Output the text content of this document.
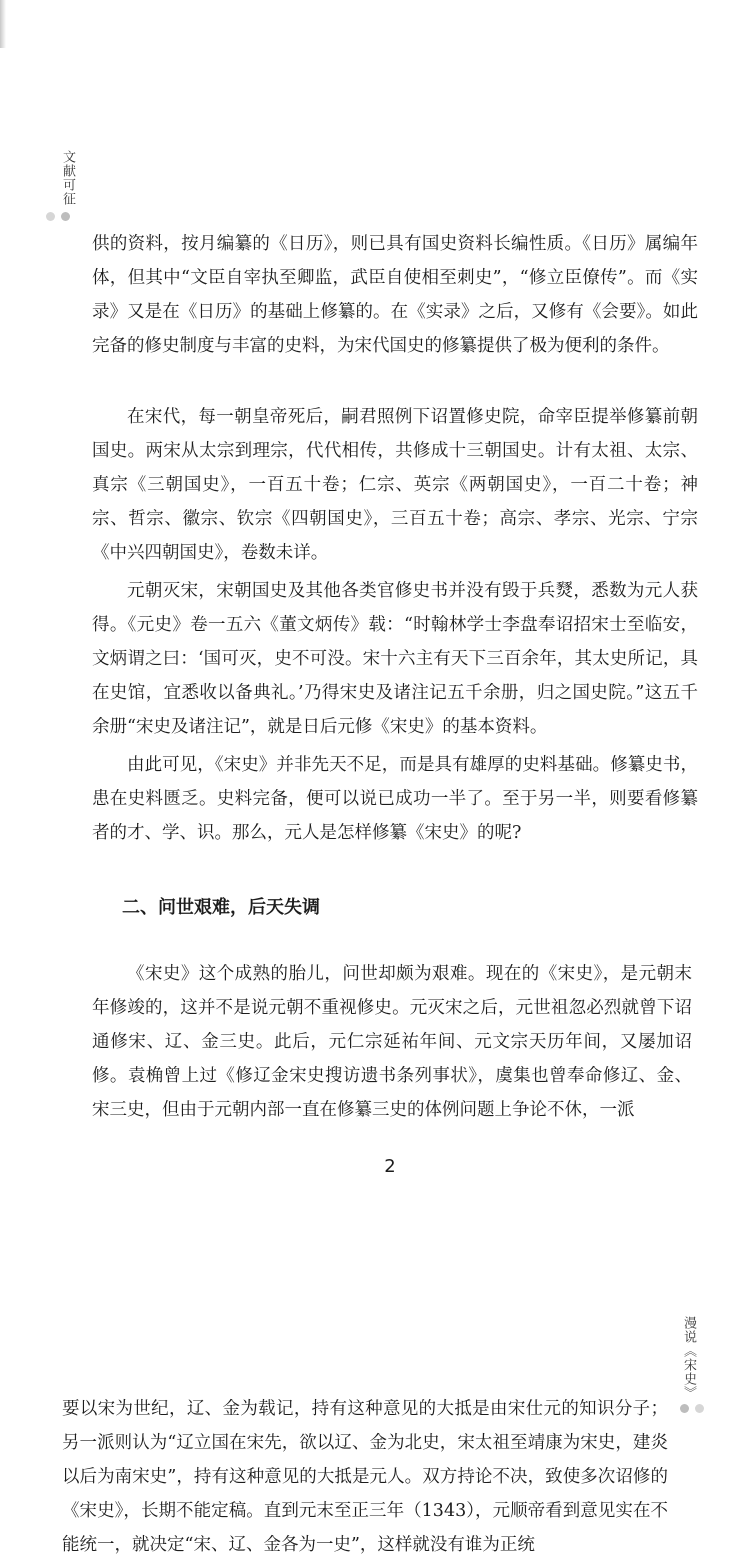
文献可征

供的资料，按月编纂的《日历》，则已具有国史资料长编性质。《日历》属编年体，但其中“文臣自宰执至卿监，武臣自使相至刺史”，“修立臣僚传”。而《实录》又是在《日历》的基础上修纂的。在《实录》之后，又修有《会要》。如此完备的修史制度与丰富的史料，为宋代国史的修纂提供了极为便利的条件。

在宋代，每一朝皇帝死后，嗣君照例下诏置修史院，命宰臣提举修纂前朝国史。两宋从太宗到理宗，代代相传，共修成十三朝国史。计有太祖、太宗、真宗《三朝国史》，一百五十卷；仁宗、英宗《两朝国史》，一百二十卷；神宗、哲宗、徽宗、钦宗《四朝国史》，三百五十卷；高宗、孝宗、光宗、宁宗《中兴四朝国史》，卷数未详。

元朝灭宋，宋朝国史及其他各类官修史书并没有毁于兵燹，悉数为元人获得。《元史》卷一五六《董文炳传》载：“时翰林学士李盘奉诏招宋士至临安，文炳谓之曰：‘国可灭，史不可没。宋十六主有天下三百余年，其太史所记，具在史馆，宜悉收以备典礼。’乃得宋史及诸注记五千余册，归之国史院。”这五千余册“宋史及诸注记”，就是日后元修《宋史》的基本资料。

由此可见，《宋史》并非先天不足，而是具有雄厚的史料基础。修纂史书，患在史料匮乏。史料完备，便可以说已成功一半了。至于另一半，则要看修纂者的才、学、识。那么，元人是怎样修纂《宋史》的呢?

二、问世艰难，后天失调

《宋史》这个成熟的胎儿，问世却颇为艰难。现在的《宋史》，是元朝末年修竣的，这并不是说元朝不重视修史。元灭宋之后，元世祖忽必烈就曾下诏通修宋、辽、金三史。此后，元仁宗延祐年间、元文宗天历年间，又屡加诏修。袁桷曾上过《修辽金宋史搜访遗书条列事状》，虞集也曾奉命修辽、金、宋三史，但由于元朝内部一直在修纂三史的体例问题上争论不休，一派

2
漫说《宋史》

要以宋为世纪，辽、金为载记，持有这种意见的大抵是由宋仕元的知识分子；另一派则认为“辽立国在宋先，欲以辽、金为北史，宋太祖至靖康为宋史，建炎以后为南宋史”，持有这种意见的大抵是元人。双方持论不决，致使多次诏修的《宋史》，长期不能定稿。直到元末至正三年（1343），元顺帝看到意见实在不能统一，就决定“宋、辽、金各为一史”，这样就没有谁为正统
